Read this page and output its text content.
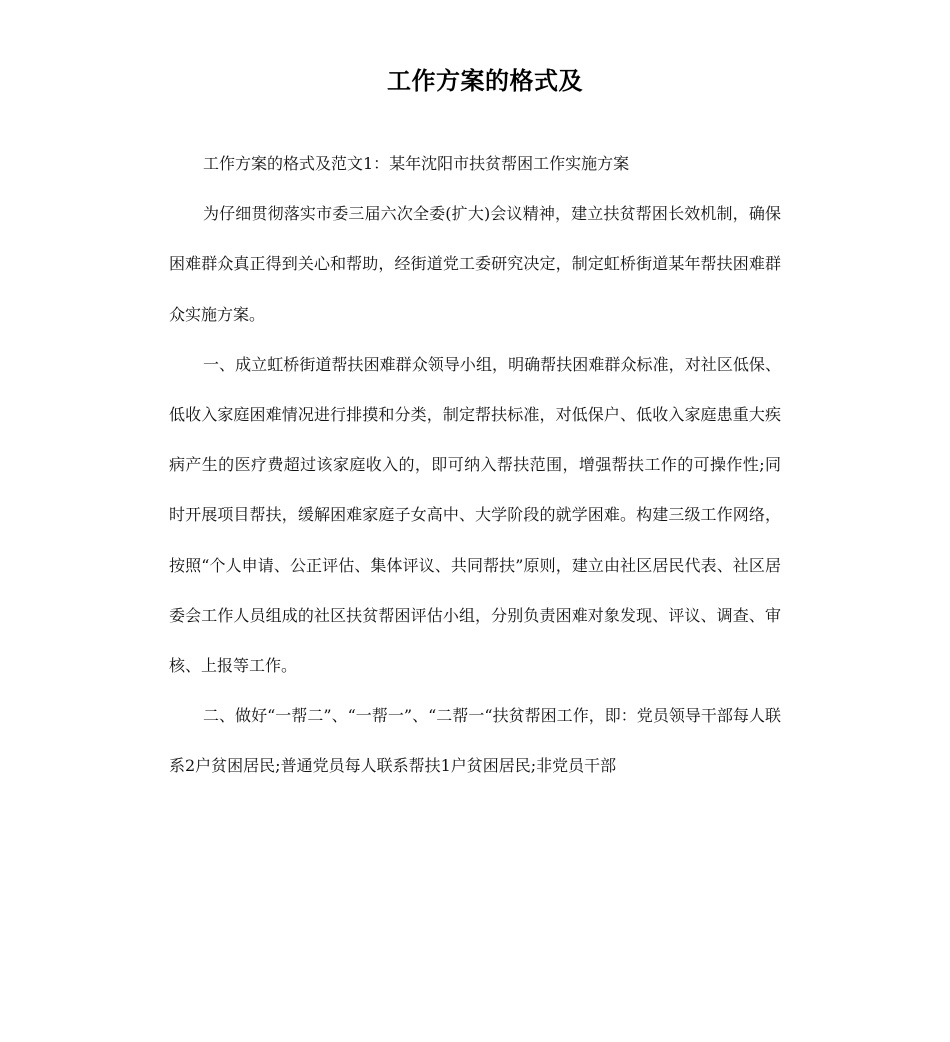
工作方案的格式及

工作方案的格式及范文1：某年沈阳市扶贫帮困工作实施方案

为仔细贯彻落实市委三届六次全委(扩大)会议精神，建立扶贫帮困长效机制，确保困难群众真正得到关心和帮助，经街道党工委研究决定，制定虹桥街道某年帮扶困难群众实施方案。

一、成立虹桥街道帮扶困难群众领导小组，明确帮扶困难群众标准，对社区低保、低收入家庭困难情况进行排摸和分类，制定帮扶标准，对低保户、低收入家庭患重大疾病产生的医疗费超过该家庭收入的，即可纳入帮扶范围，增强帮扶工作的可操作性;同时开展项目帮扶，缓解困难家庭子女高中、大学阶段的就学困难。构建三级工作网络，按照“个人申请、公正评估、集体评议、共同帮扶”原则，建立由社区居民代表、社区居委会工作人员组成的社区扶贫帮困评估小组，分别负责困难对象发现、评议、调查、审核、上报等工作。

二、做好“一帮二”、“一帮一”、“二帮一“扶贫帮困工作，即：党员领导干部每人联系2户贫困居民;普通党员每人联系帮扶1户贫困居民;非党员干部
